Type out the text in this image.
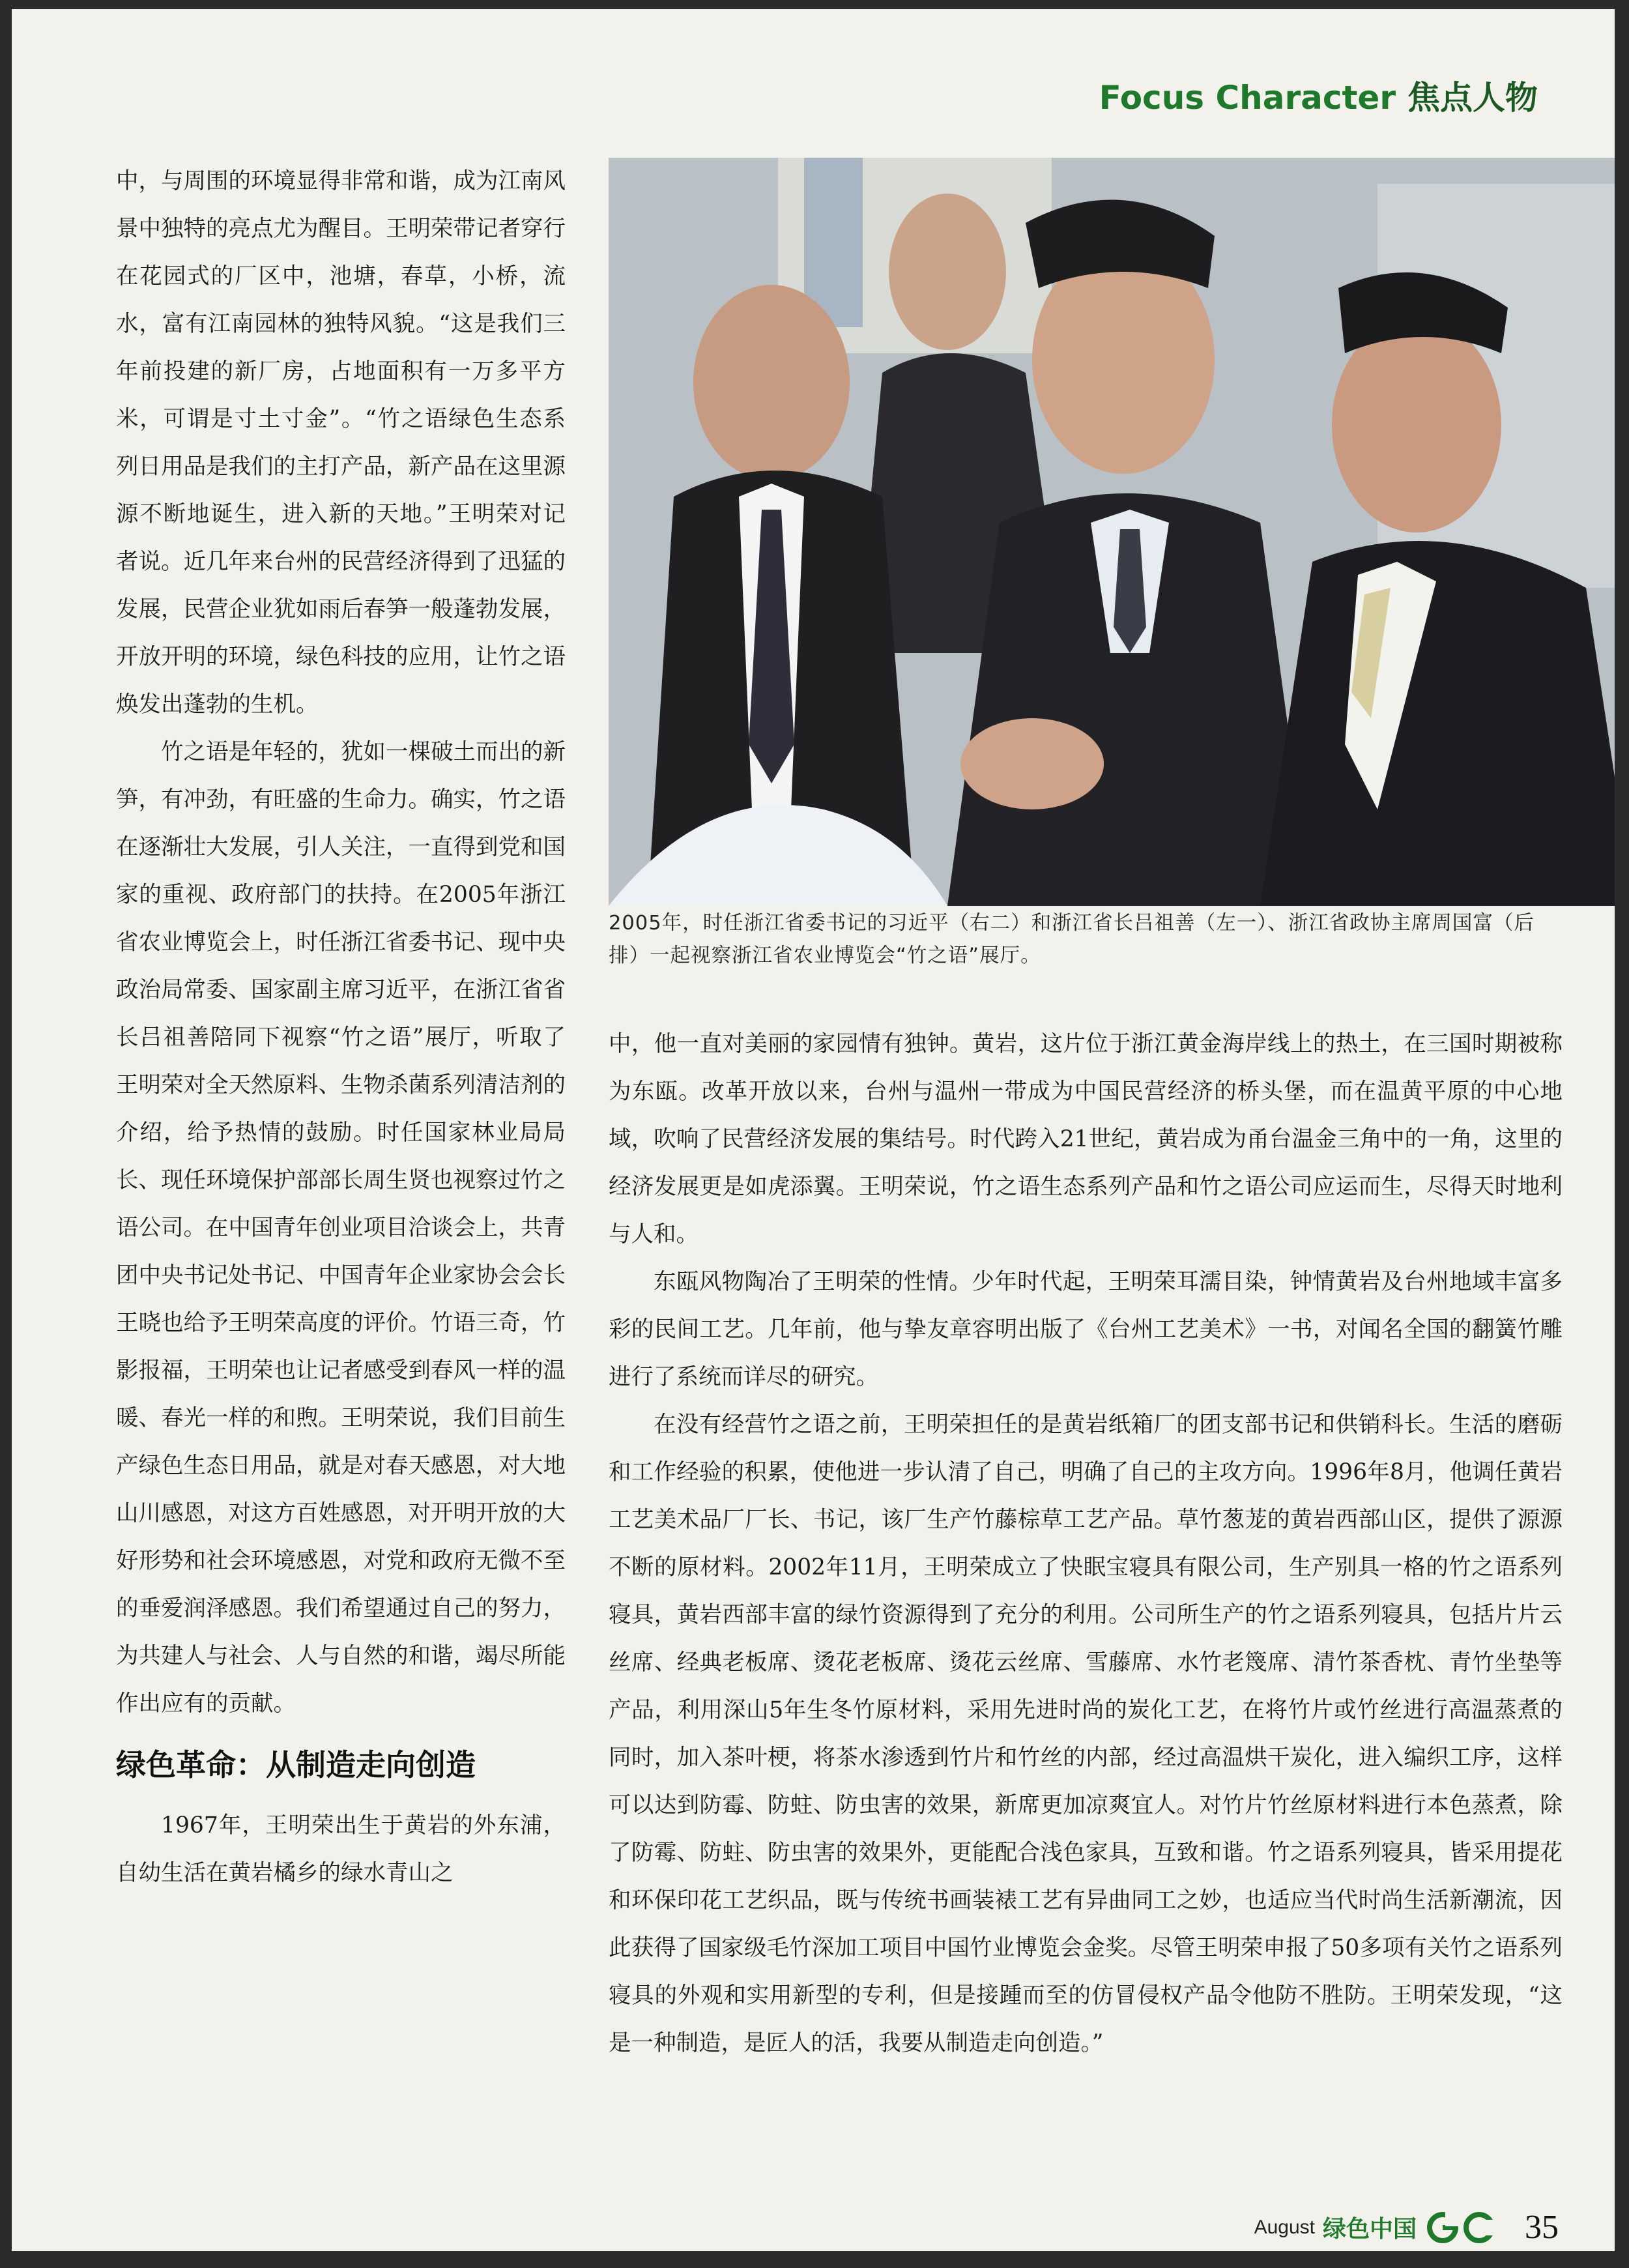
Focus Character 焦点人物

中，与周围的环境显得非常和谐，成为江南风景中独特的亮点尤为醒目。王明荣带记者穿行在花园式的厂区中，池塘，春草，小桥，流水，富有江南园林的独特风貌。“这是我们三年前投建的新厂房，占地面积有一万多平方米，可谓是寸土寸金”。“竹之语绿色生态系列日用品是我们的主打产品，新产品在这里源源不断地诞生，进入新的天地。”王明荣对记者说。近几年来台州的民营经济得到了迅猛的发展，民营企业犹如雨后春笋一般蓬勃发展，开放开明的环境，绿色科技的应用，让竹之语焕发出蓬勃的生机。

竹之语是年轻的，犹如一棵破土而出的新笋，有冲劲，有旺盛的生命力。确实，竹之语在逐渐壮大发展，引人关注，一直得到党和国家的重视、政府部门的扶持。在2005年浙江省农业博览会上，时任浙江省委书记、现中央政治局常委、国家副主席习近平，在浙江省省长吕祖善陪同下视察“竹之语”展厅，听取了王明荣对全天然原料、生物杀菌系列清洁剂的介绍，给予热情的鼓励。时任国家林业局局长、现任环境保护部部长周生贤也视察过竹之语公司。在中国青年创业项目洽谈会上，共青团中央书记处书记、中国青年企业家协会会长王晓也给予王明荣高度的评价。竹语三奇，竹影报福，王明荣也让记者感受到春风一样的温暖、春光一样的和煦。王明荣说，我们目前生产绿色生态日用品，就是对春天感恩，对大地山川感恩，对这方百姓感恩，对开明开放的大好形势和社会环境感恩，对党和政府无微不至的垂爱润泽感恩。我们希望通过自己的努力，为共建人与社会、人与自然的和谐，竭尽所能作出应有的贡献。

绿色革命：从制造走向创造

1967年，王明荣出生于黄岩的外东浦，自幼生活在黄岩橘乡的绿水青山之

2005年，时任浙江省委书记的习近平（右二）和浙江省长吕祖善（左一）、浙江省政协主席周国富（后排）一起视察浙江省农业博览会“竹之语”展厅。

中，他一直对美丽的家园情有独钟。黄岩，这片位于浙江黄金海岸线上的热土，在三国时期被称为东瓯。改革开放以来，台州与温州一带成为中国民营经济的桥头堡，而在温黄平原的中心地域，吹响了民营经济发展的集结号。时代跨入21世纪，黄岩成为甬台温金三角中的一角，这里的经济发展更是如虎添翼。王明荣说，竹之语生态系列产品和竹之语公司应运而生，尽得天时地利与人和。

东瓯风物陶冶了王明荣的性情。少年时代起，王明荣耳濡目染，钟情黄岩及台州地域丰富多彩的民间工艺。几年前，他与挚友章容明出版了《台州工艺美术》一书，对闻名全国的翻簧竹雕进行了系统而详尽的研究。

在没有经营竹之语之前，王明荣担任的是黄岩纸箱厂的团支部书记和供销科长。生活的磨砺和工作经验的积累，使他进一步认清了自己，明确了自己的主攻方向。1996年8月，他调任黄岩工艺美术品厂厂长、书记，该厂生产竹藤棕草工艺产品。草竹葱茏的黄岩西部山区，提供了源源不断的原材料。2002年11月，王明荣成立了快眠宝寝具有限公司，生产别具一格的竹之语系列寝具，黄岩西部丰富的绿竹资源得到了充分的利用。公司所生产的竹之语系列寝具，包括片片云丝席、经典老板席、烫花老板席、烫花云丝席、雪藤席、水竹老篾席、清竹茶香枕、青竹坐垫等产品，利用深山5年生冬竹原材料，采用先进时尚的炭化工艺，在将竹片或竹丝进行高温蒸煮的同时，加入茶叶梗，将茶水渗透到竹片和竹丝的内部，经过高温烘干炭化，进入编织工序，这样可以达到防霉、防蛀、防虫害的效果，新席更加凉爽宜人。对竹片竹丝原材料进行本色蒸煮，除了防霉、防蛀、防虫害的效果外，更能配合浅色家具，互致和谐。竹之语系列寝具，皆采用提花和环保印花工艺织品，既与传统书画装裱工艺有异曲同工之妙，也适应当代时尚生活新潮流，因此获得了国家级毛竹深加工项目中国竹业博览会金奖。尽管王明荣申报了50多项有关竹之语系列寝具的外观和实用新型的专利，但是接踵而至的仿冒侵权产品令他防不胜防。王明荣发现，“这是一种制造，是匠人的活，我要从制造走向创造。”

August 绿色中国	35
